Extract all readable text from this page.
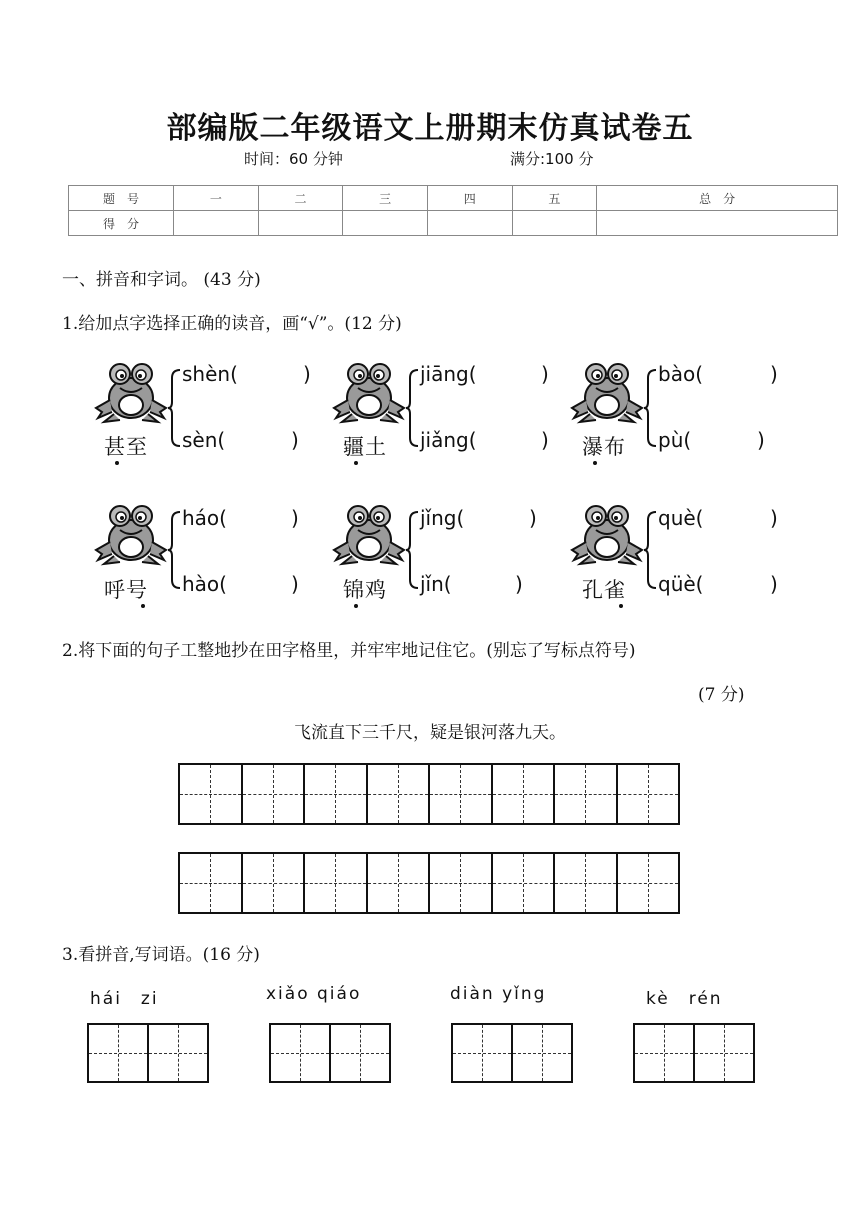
部编版二年级语文上册期末仿真试卷五
时间：60 分钟	满分:100 分
题　号	一	二	三	四	五	总　分
得　分						
一、拼音和字词。 (43 分)
1.给加点字选择正确的读音，画“√”。(12 分)
shèn(	)
sèn(	)
甚至
jiāng(	)
jiǎng(	)
疆土
bào(	)
pù(	)
瀑布
háo(	)
hào(	)
呼号
jǐng(	)
jǐn(	)
锦鸡
què(	)
qüè(	)
孔雀
2.将下面的句子工整地抄在田字格里，并牢牢地记住它。(别忘了写标点符号)
(7 分)
飞流直下三千尺，疑是银河落九天。
3.看拼音,写词语。(16 分)
hái　zi	xiǎo qiáo	diàn yǐng	kè　rén
